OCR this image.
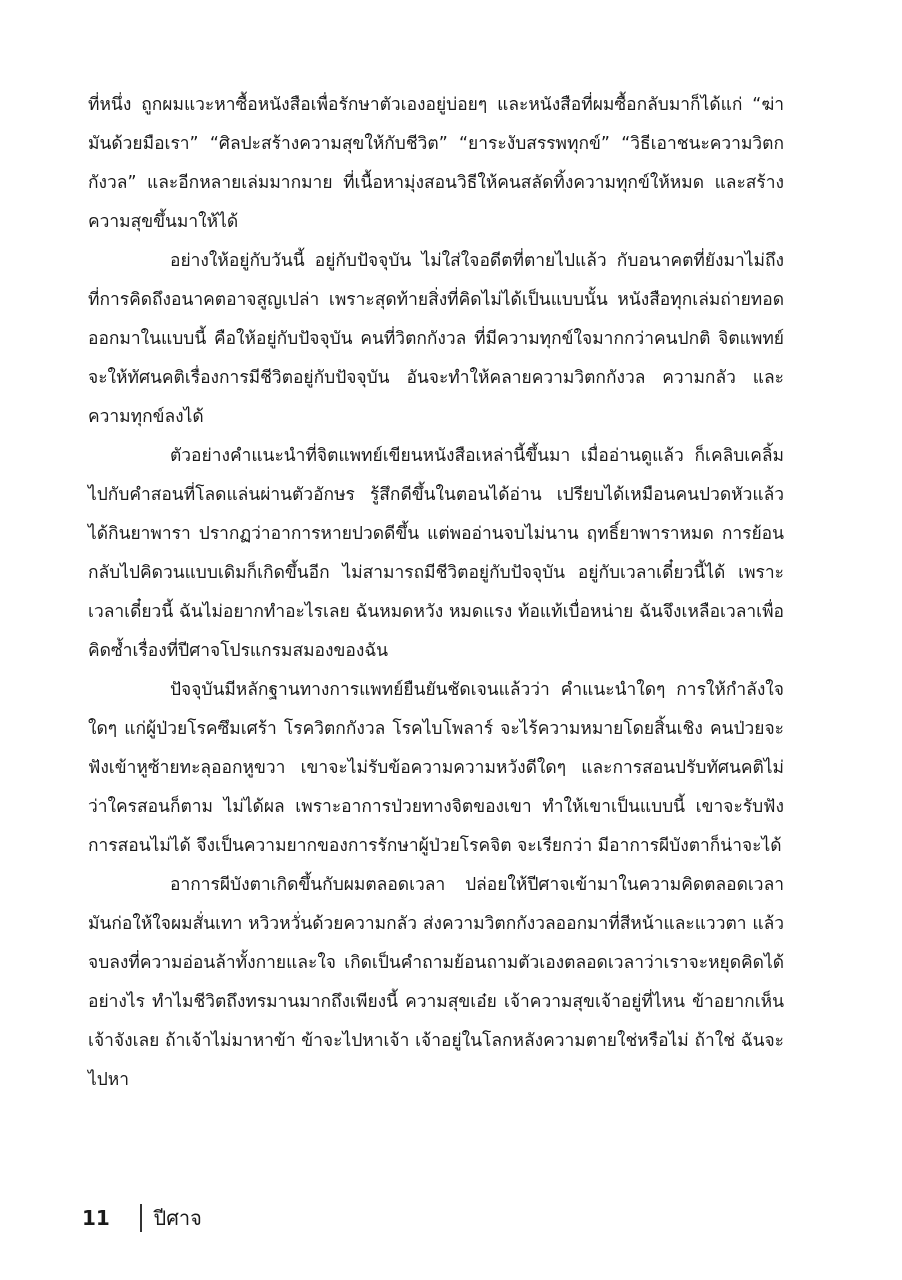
ที่หนึ่ง ถูกผมแวะหาซื้อหนังสือเพื่อรักษาตัวเองอยู่บ่อยๆ และหนังสือที่ผมซื้อกลับมาก็ได้แก่ “ฆ่ามันด้วยมือเรา” “ศิลปะสร้างความสุขให้กับชีวิต” “ยาระงับสรรพทุกข์” “วิธีเอาชนะความวิตกกังวล” และอีกหลายเล่มมากมาย ที่เนื้อหามุ่งสอนวิธีให้คนสลัดทิ้งความทุกข์ให้หมด และสร้างความสุขขึ้นมาให้ได้

อย่างให้อยู่กับวันนี้ อยู่กับปัจจุบัน ไม่ใส่ใจอดีตที่ตายไปแล้ว กับอนาคตที่ยังมาไม่ถึง ที่การคิดถึงอนาคตอาจสูญเปล่า เพราะสุดท้ายสิ่งที่คิดไม่ได้เป็นแบบนั้น หนังสือทุกเล่มถ่ายทอดออกมาในแบบนี้ คือให้อยู่กับปัจจุบัน คนที่วิตกกังวล ที่มีความทุกข์ใจมากกว่าคนปกติ จิตแพทย์จะให้ทัศนคติเรื่องการมีชีวิตอยู่กับปัจจุบัน อันจะทำให้คลายความวิตกกังวล ความกลัว และความทุกข์ลงได้

ตัวอย่างคำแนะนำที่จิตแพทย์เขียนหนังสือเหล่านี้ขึ้นมา เมื่ออ่านดูแล้ว ก็เคลิบเคลิ้มไปกับคำสอนที่โลดแล่นผ่านตัวอักษร รู้สึกดีขึ้นในตอนได้อ่าน เปรียบได้เหมือนคนปวดหัวแล้วได้กินยาพารา ปรากฏว่าอาการหายปวดดีขึ้น แต่พออ่านจบไม่นาน ฤทธิ์ยาพาราหมด การย้อนกลับไปคิดวนแบบเดิมก็เกิดขึ้นอีก ไม่สามารถมีชีวิตอยู่กับปัจจุบัน อยู่กับเวลาเดี๋ยวนี้ได้ เพราะเวลาเดี๋ยวนี้ ฉันไม่อยากทำอะไรเลย ฉันหมดหวัง หมดแรง ท้อแท้เบื่อหน่าย ฉันจึงเหลือเวลาเพื่อคิดซ้ำเรื่องที่ปีศาจโปรแกรมสมองของฉัน

ปัจจุบันมีหลักฐานทางการแพทย์ยืนยันชัดเจนแล้วว่า คำแนะนำใดๆ การให้กำลังใจใดๆ แก่ผู้ป่วยโรคซึมเศร้า โรควิตกกังวล โรคไบโพลาร์ จะไร้ความหมายโดยสิ้นเชิง คนป่วยจะฟังเข้าหูซ้ายทะลุออกหูขวา เขาจะไม่รับข้อความความหวังดีใดๆ และการสอนปรับทัศนคติไม่ว่าใครสอนก็ตาม ไม่ได้ผล เพราะอาการป่วยทางจิตของเขา ทำให้เขาเป็นแบบนี้ เขาจะรับฟังการสอนไม่ได้ จึงเป็นความยากของการรักษาผู้ป่วยโรคจิต จะเรียกว่า มีอาการผีบังตาก็น่าจะได้

อาการผีบังตาเกิดขึ้นกับผมตลอดเวลา ปล่อยให้ปีศาจเข้ามาในความคิดตลอดเวลา มันก่อให้ใจผมสั่นเทา หวิวหวั่นด้วยความกลัว ส่งความวิตกกังวลออกมาที่สีหน้าและแววตา แล้วจบลงที่ความอ่อนล้าทั้งกายและใจ เกิดเป็นคำถามย้อนถามตัวเองตลอดเวลาว่าเราจะหยุดคิดได้อย่างไร ทำไมชีวิตถึงทรมานมากถึงเพียงนี้ ความสุขเอ๋ย เจ้าความสุขเจ้าอยู่ที่ไหน ข้าอยากเห็นเจ้าจังเลย ถ้าเจ้าไม่มาหาข้า ข้าจะไปหาเจ้า เจ้าอยู่ในโลกหลังความตายใช่หรือไม่ ถ้าใช่ ฉันจะไปหา

11	ปีศาจ
